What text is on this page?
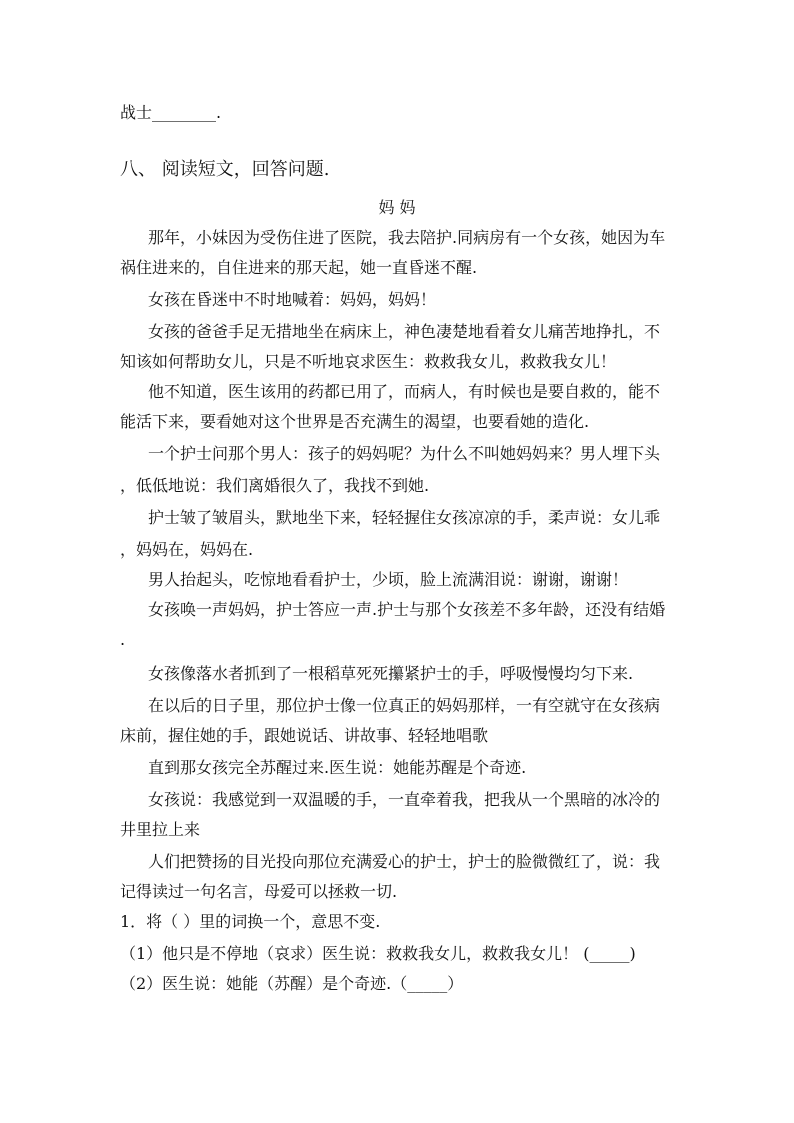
战士________.
八、 阅读短文，回答问题.
妈 妈
那年，小妹因为受伤住进了医院，我去陪护.同病房有一个女孩，她因为车
祸住进来的，自住进来的那天起，她一直昏迷不醒.
女孩在昏迷中不时地喊着：妈妈，妈妈！
女孩的爸爸手足无措地坐在病床上，神色凄楚地看着女儿痛苦地挣扎，不
知该如何帮助女儿，只是不听地哀求医生：救救我女儿，救救我女儿！
他不知道，医生该用的药都已用了，而病人，有时候也是要自救的，能不
能活下来，要看她对这个世界是否充满生的渴望，也要看她的造化.
一个护士问那个男人：孩子的妈妈呢？为什么不叫她妈妈来？男人埋下头
，低低地说：我们离婚很久了，我找不到她.
护士皱了皱眉头，默地坐下来，轻轻握住女孩凉凉的手，柔声说：女儿乖
，妈妈在，妈妈在.
男人抬起头，吃惊地看看护士，少顷，脸上流满泪说：谢谢，谢谢！
女孩唤一声妈妈，护士答应一声.护士与那个女孩差不多年龄，还没有结婚
.
女孩像落水者抓到了一根稻草死死攥紧护士的手，呼吸慢慢均匀下来.
在以后的日子里，那位护士像一位真正的妈妈那样，一有空就守在女孩病
床前，握住她的手，跟她说话、讲故事、轻轻地唱歌
直到那女孩完全苏醒过来.医生说：她能苏醒是个奇迹.
女孩说：我感觉到一双温暖的手，一直牵着我，把我从一个黑暗的冰冷的
井里拉上来
人们把赞扬的目光投向那位充满爱心的护士，护士的脸微微红了，说：我
记得读过一句名言，母爱可以拯救一切.
1．将（ ）里的词换一个，意思不变.
（1）他只是不停地（哀求）医生说：救救我女儿，救救我女儿！ (_____)
（2）医生说：她能（苏醒）是个奇迹.（_____）
